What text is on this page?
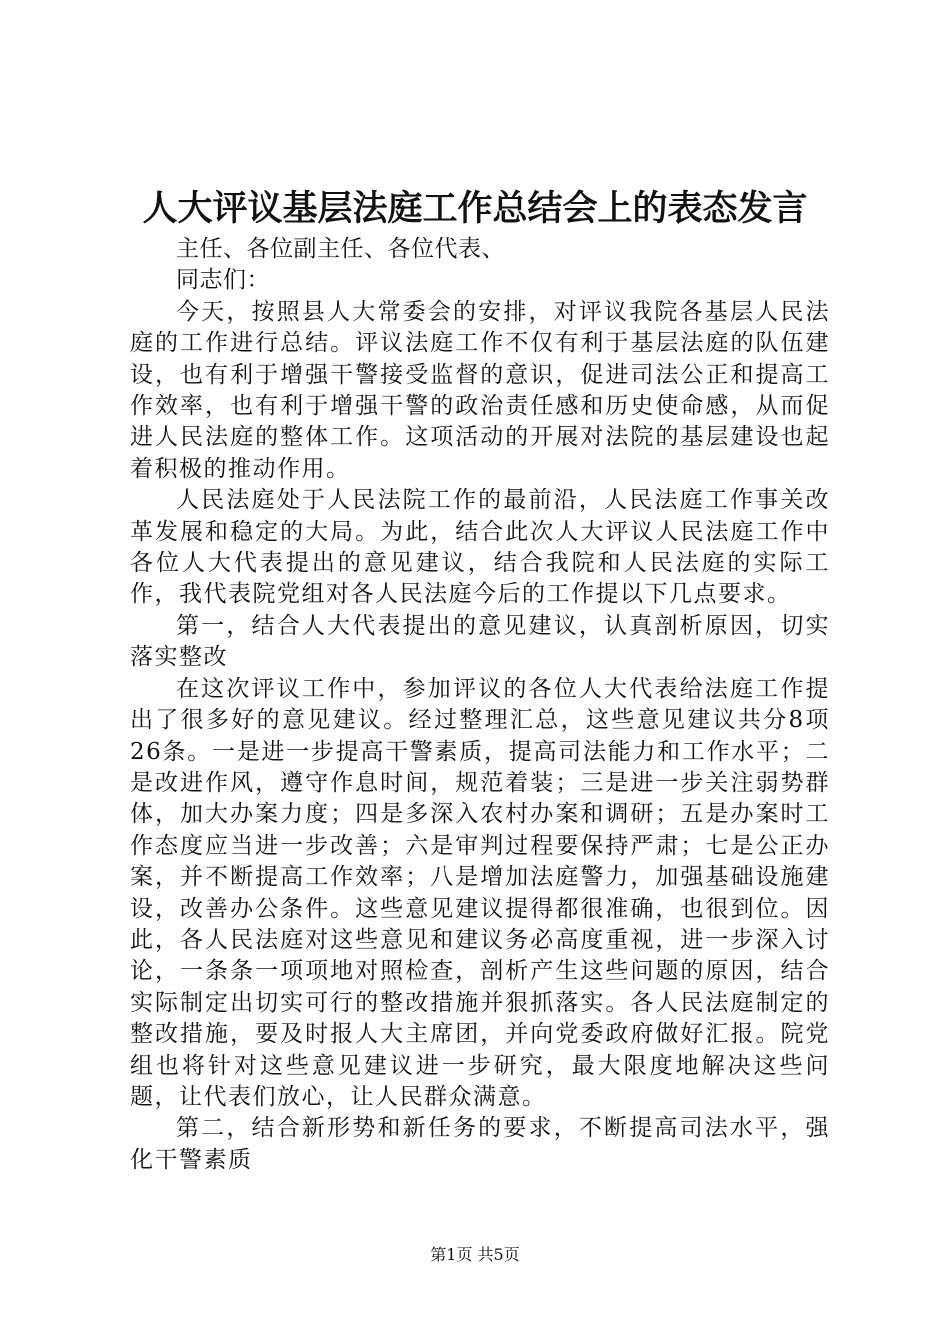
人大评议基层法庭工作总结会上的表态发言

主任、各位副主任、各位代表、

同志们：

今天，按照县人大常委会的安排，对评议我院各基层人民法庭的工作进行总结。评议法庭工作不仅有利于基层法庭的队伍建设，也有利于增强干警接受监督的意识，促进司法公正和提高工作效率，也有利于增强干警的政治责任感和历史使命感，从而促进人民法庭的整体工作。这项活动的开展对法院的基层建设也起着积极的推动作用。

人民法庭处于人民法院工作的最前沿，人民法庭工作事关改革发展和稳定的大局。为此，结合此次人大评议人民法庭工作中各位人大代表提出的意见建议，结合我院和人民法庭的实际工作，我代表院党组对各人民法庭今后的工作提以下几点要求。

第一，结合人大代表提出的意见建议，认真剖析原因，切实落实整改

在这次评议工作中，参加评议的各位人大代表给法庭工作提出了很多好的意见建议。经过整理汇总，这些意见建议共分8项26条。一是进一步提高干警素质，提高司法能力和工作水平；二是改进作风，遵守作息时间，规范着装；三是进一步关注弱势群体，加大办案力度；四是多深入农村办案和调研；五是办案时工作态度应当进一步改善；六是审判过程要保持严肃；七是公正办案，并不断提高工作效率；八是增加法庭警力，加强基础设施建设，改善办公条件。这些意见建议提得都很准确，也很到位。因此，各人民法庭对这些意见和建议务必高度重视，进一步深入讨论，一条条一项项地对照检查，剖析产生这些问题的原因，结合实际制定出切实可行的整改措施并狠抓落实。各人民法庭制定的整改措施，要及时报人大主席团，并向党委政府做好汇报。院党组也将针对这些意见建议进一步研究，最大限度地解决这些问题，让代表们放心，让人民群众满意。

第二，结合新形势和新任务的要求，不断提高司法水平，强化干警素质

第1页 共5页
